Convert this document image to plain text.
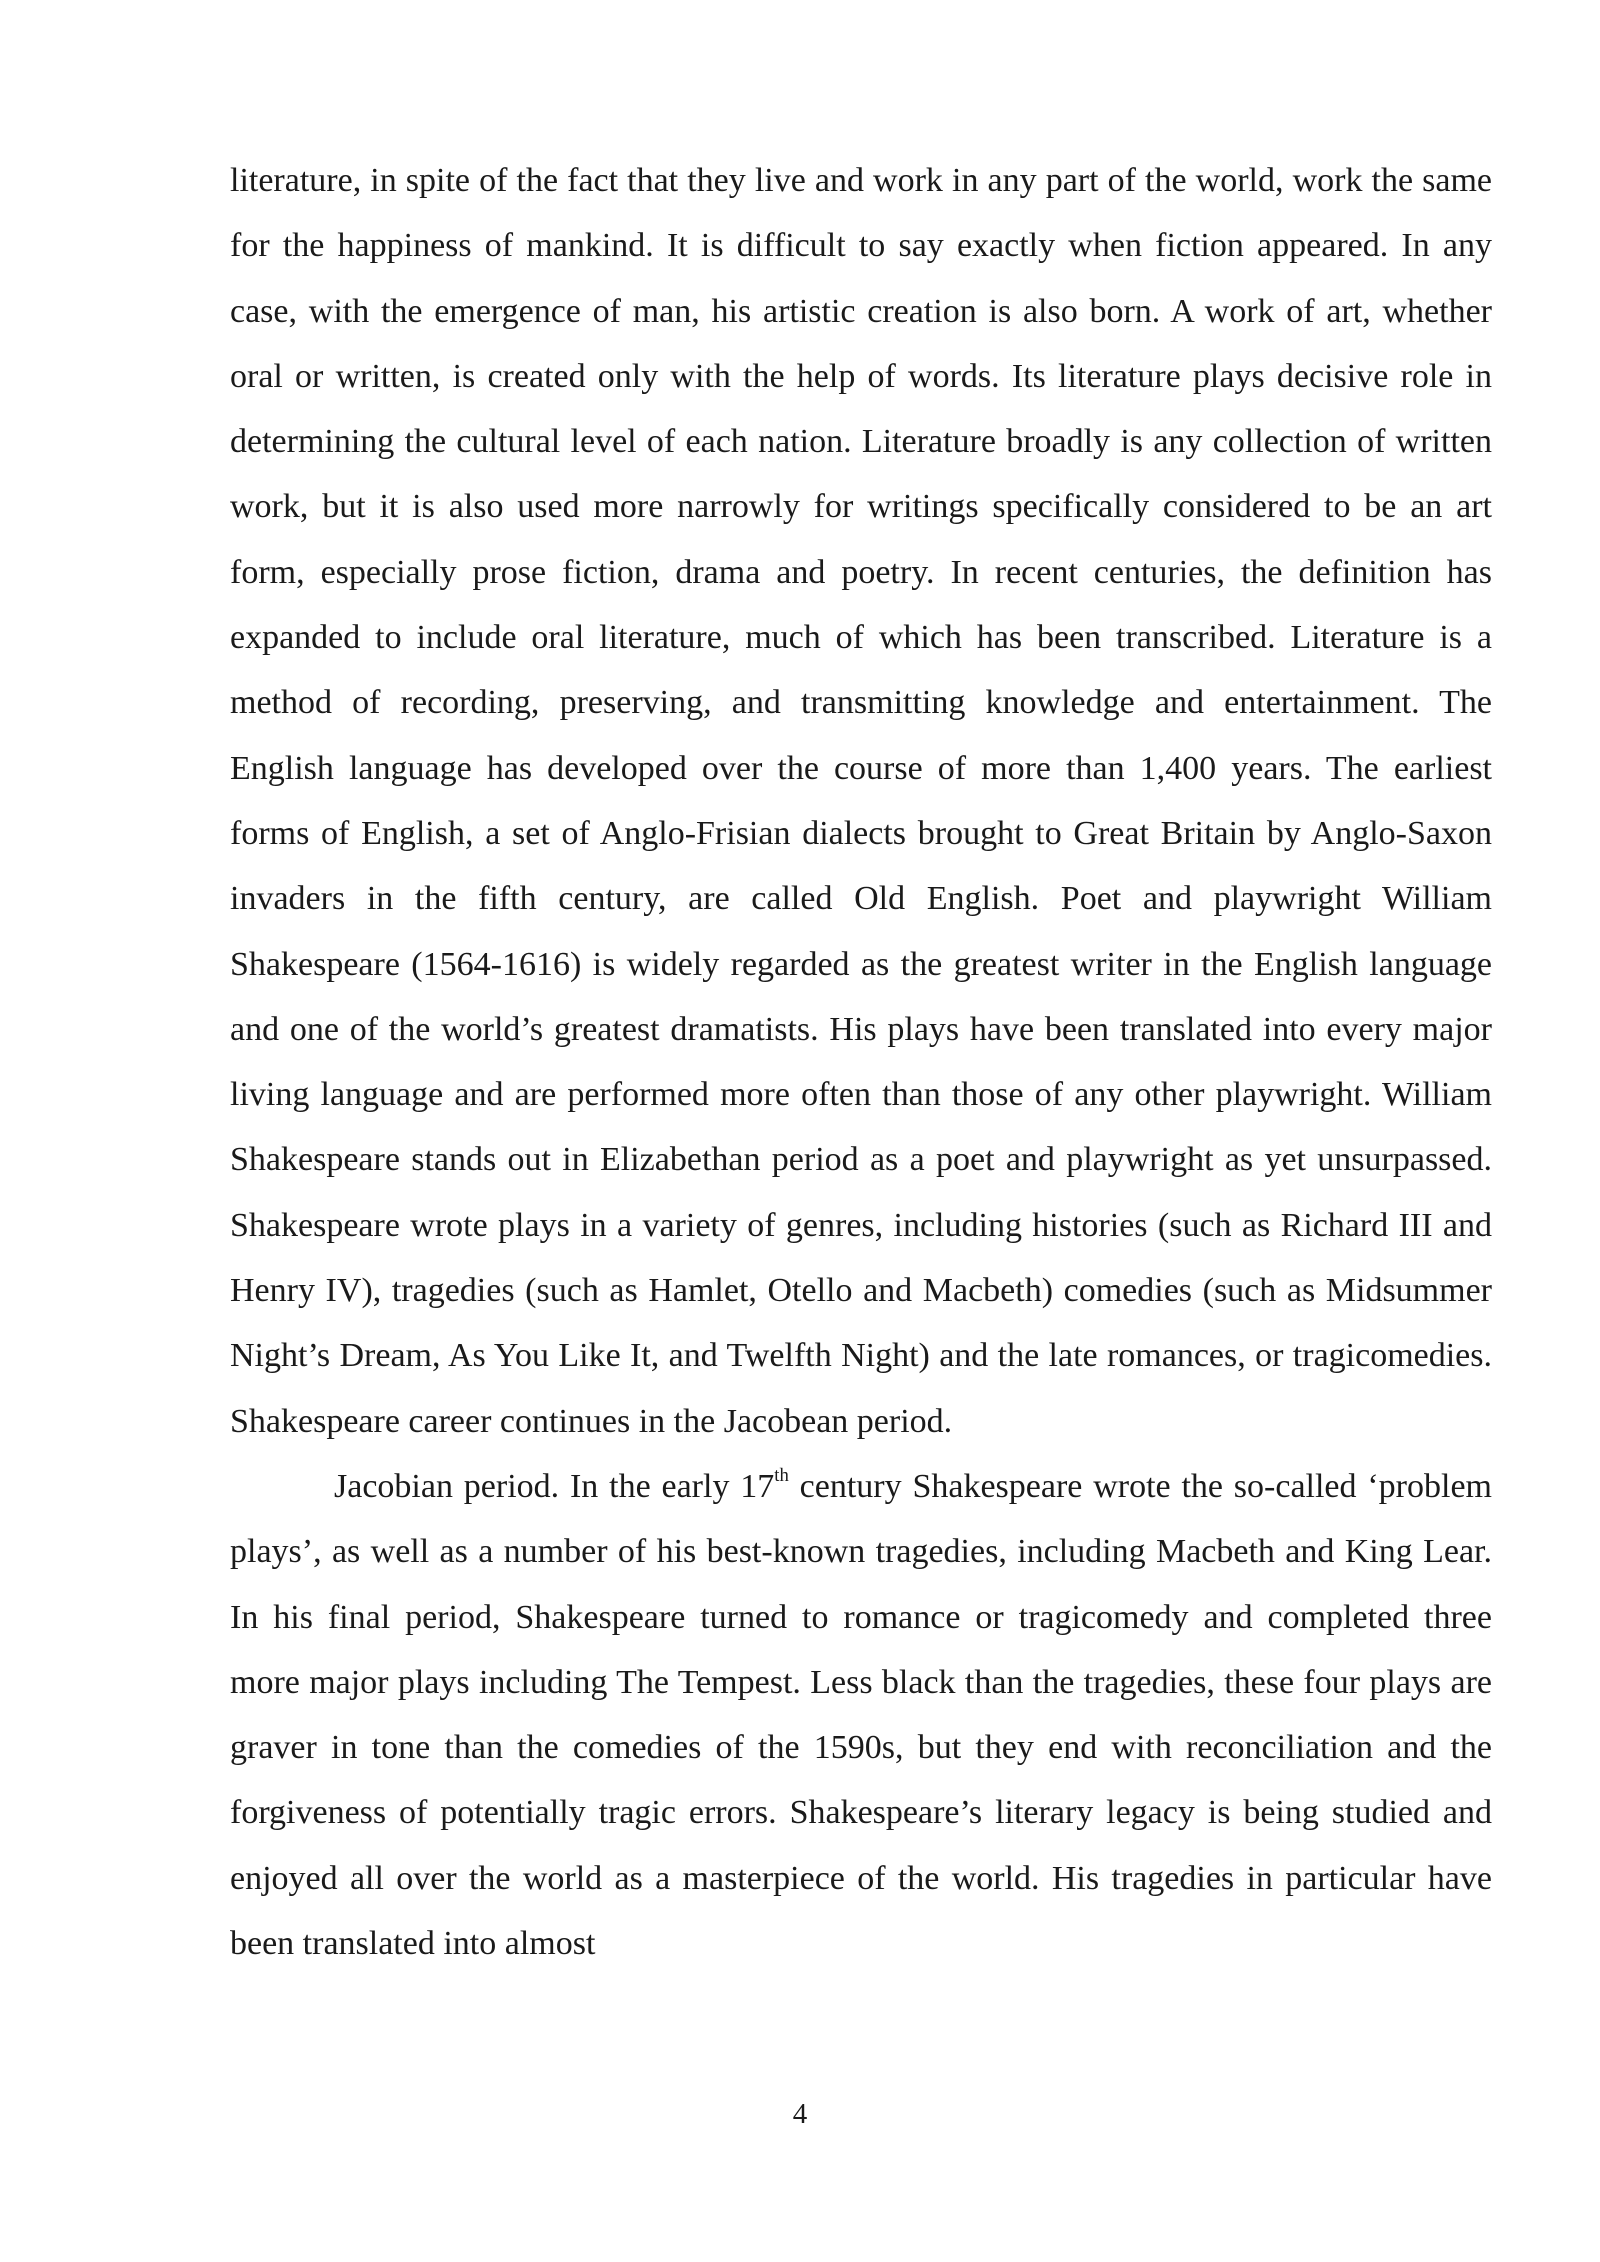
literature, in spite of the fact that they live and work in any part of the world, work the same for the happiness of mankind. It is difficult to say exactly when fiction appeared. In any case, with the emergence of man, his artistic creation is also born. A work of art, whether oral or written, is created only with the help of words. Its literature plays decisive role in determining the cultural level of each nation. Literature broadly is any collection of written work, but it is also used more narrowly for writings specifically considered to be an art form, especially prose fiction, drama and poetry. In recent centuries, the definition has expanded to include oral literature, much of which has been transcribed. Literature is a method of recording, preserving, and transmitting knowledge and entertainment. The English language has developed over the course of more than 1,400 years. The earliest forms of English, a set of Anglo-Frisian dialects brought to Great Britain by Anglo-Saxon invaders in the fifth century, are called Old English. Poet and playwright William Shakespeare (1564-1616) is widely regarded as the greatest writer in the English language and one of the world’s greatest dramatists. His plays have been translated into every major living language and are performed more often than those of any other playwright. William Shakespeare stands out in Elizabethan period as a poet and playwright as yet unsurpassed. Shakespeare wrote plays in a variety of genres, including histories (such as Richard III and Henry IV), tragedies (such as Hamlet, Otello and Macbeth) comedies (such as Midsummer Night’s Dream, As You Like It, and Twelfth Night) and the late romances, or tragicomedies. Shakespeare career continues in the Jacobean period.

Jacobian period. In the early 17th century Shakespeare wrote the so-called ‘problem plays’, as well as a number of his best-known tragedies, including Macbeth and King Lear. In his final period, Shakespeare turned to romance or tragicomedy and completed three more major plays including The Tempest. Less black than the tragedies, these four plays are graver in tone than the comedies of the 1590s, but they end with reconciliation and the forgiveness of potentially tragic errors. Shakespeare’s literary legacy is being studied and enjoyed all over the world as a masterpiece of the world. His tragedies in particular have been translated into almost

4
